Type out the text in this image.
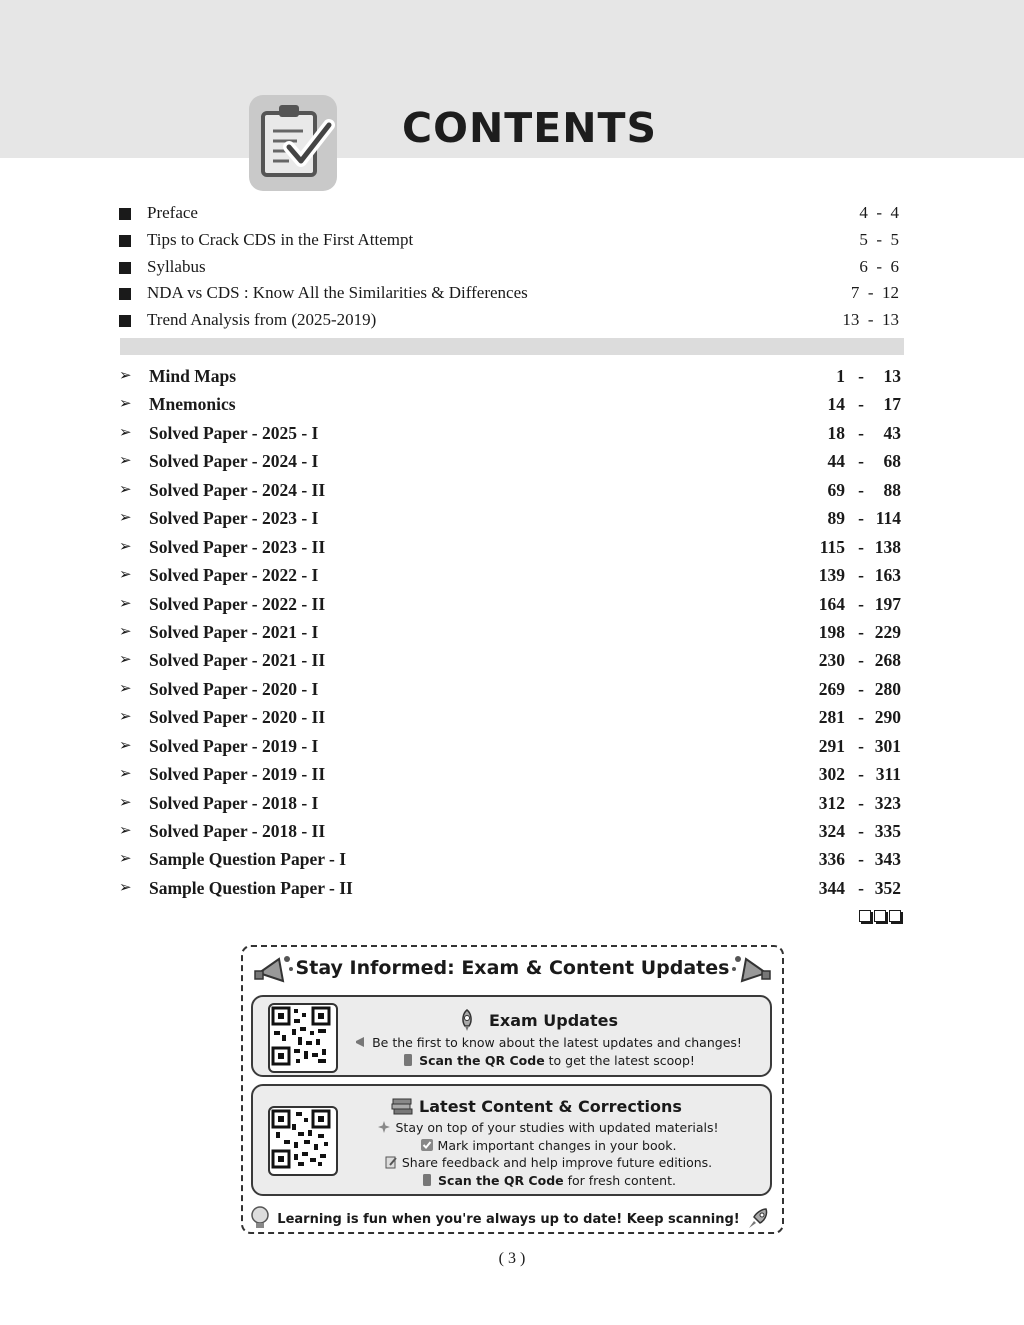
CONTENTS
Preface	4  -  4
Tips to Crack CDS in the First Attempt	5  -  5
Syllabus	6  -  6
NDA vs CDS : Know All the Similarities & Differences	7  -  12
Trend Analysis from (2025-2019)	13  -  13
➢ Mind Maps	1 -	13
➢ Mnemonics	14 -	17
➢ Solved Paper - 2025 - I	18 -	43
➢ Solved Paper - 2024 - I	44 -	68
➢ Solved Paper - 2024 - II	69 -	88
➢ Solved Paper - 2023 - I	89 - 114
➢ Solved Paper - 2023 - II	115 - 138
➢ Solved Paper - 2022 - I	139 - 163
➢ Solved Paper - 2022 - II	164 - 197
➢ Solved Paper - 2021 - I	198 - 229
➢ Solved Paper - 2021 - II	230 - 268
➢ Solved Paper - 2020 - I	269 - 280
➢ Solved Paper - 2020 - II	281 - 290
➢ Solved Paper - 2019 - I	291 - 301
➢ Solved Paper - 2019 - II	302 - 311
➢ Solved Paper - 2018 - I	312 - 323
➢ Solved Paper - 2018 - II	324 - 335
➢ Sample Question Paper - I	336 - 343
➢ Sample Question Paper - II	344 - 352
Stay Informed: Exam & Content Updates
Exam Updates
Be the first to know about the latest updates and changes!
Scan the QR Code to get the latest scoop!
Latest Content & Corrections
Stay on top of your studies with updated materials!
Mark important changes in your book.
Share feedback and help improve future editions.
Scan the QR Code for fresh content.
Learning is fun when you're always up to date! Keep scanning!
( 3 )
